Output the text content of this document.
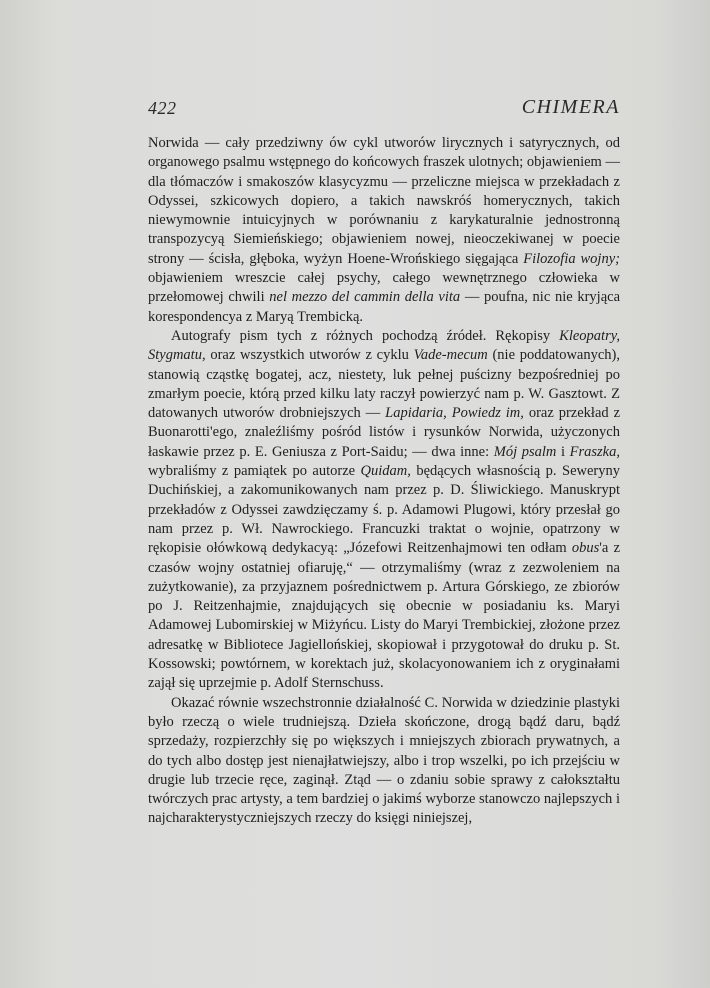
422	CHIMERA

Norwida — cały przedziwny ów cykl utworów lirycznych i satyrycznych, od organowego psalmu wstępnego do końcowych fraszek ulotnych; objawieniem — dla tłómaczów i smakoszów klasycyzmu — przeliczne miejsca w przekładach z Odyssei, szkicowych dopiero, a takich nawskróś homerycznych, takich niewymownie intuicyjnych w porównaniu z karykaturalnie jednostronną transpozycyą Siemieńskiego; objawieniem nowej, nieoczekiwanej w poecie strony — ścisła, głęboka, wyżyn Hoene-Wrońskiego sięgająca Filozofia wojny; objawieniem wreszcie całej psychy, całego wewnętrznego człowieka w przełomowej chwili nel mezzo del cammin della vita — poufna, nic nie kryjąca korespondencya z Maryą Trembicką.

Autografy pism tych z różnych pochodzą źródeł. Rękopisy Kleopatry, Stygmatu, oraz wszystkich utworów z cyklu Vade-mecum (nie poddatowanych), stanowią cząstkę bogatej, acz, niestety, luk pełnej puścizny bezpośredniej po zmarłym poecie, którą przed kilku laty raczył powierzyć nam p. W. Gasztowt. Z datowanych utworów drobniejszych — Lapidaria, Powiedz im, oraz przekład z Buonarotti'ego, znaleźliśmy pośród listów i rysunków Norwida, użyczonych łaskawie przez p. E. Geniusza z Port-Saidu; — dwa inne: Mój psalm i Fraszka, wybraliśmy z pamiątek po autorze Quidam, będących własnością p. Seweryny Duchińskiej, a zakomunikowanych nam przez p. D. Śliwickiego. Manuskrypt przekładów z Odyssei zawdzięczamy ś. p. Adamowi Plugowi, który przesłał go nam przez p. Wł. Nawrockiego. Francuzki traktat o wojnie, opatrzony w rękopisie ołówkową dedykacyą: „Józefowi Reitzenhajmowi ten odłam obus'a z czasów wojny ostatniej ofiaruję,“ — otrzymaliśmy (wraz z zezwoleniem na zużytkowanie), za przyjaznem pośrednictwem p. Artura Górskiego, ze zbiorów po J. Reitzenhajmie, znajdujących się obecnie w posiadaniu ks. Maryi Adamowej Lubomirskiej w Miżyńcu. Listy do Maryi Trembickiej, złożone przez adresatkę w Bibliotece Jagiellońskiej, skopiował i przygotował do druku p. St. Kossowski; powtórnem, w korektach już, skolacyonowaniem ich z oryginałami zajął się uprzejmie p. Adolf Sternschuss.

Okazać równie wszechstronnie działalność C. Norwida w dziedzinie plastyki było rzeczą o wiele trudniejszą. Dzieła skończone, drogą bądź daru, bądź sprzedaży, rozpierzchły się po większych i mniejszych zbiorach prywatnych, a do tych albo dostęp jest nienajłatwiejszy, albo i trop wszelki, po ich przejściu w drugie lub trzecie ręce, zaginął. Ztąd — o zdaniu sobie sprawy z całokształtu twórczych prac artysty, a tem bardziej o jakimś wyborze stanowczo najlepszych i najcharakterystyczniejszych rzeczy do księgi niniejszej,
